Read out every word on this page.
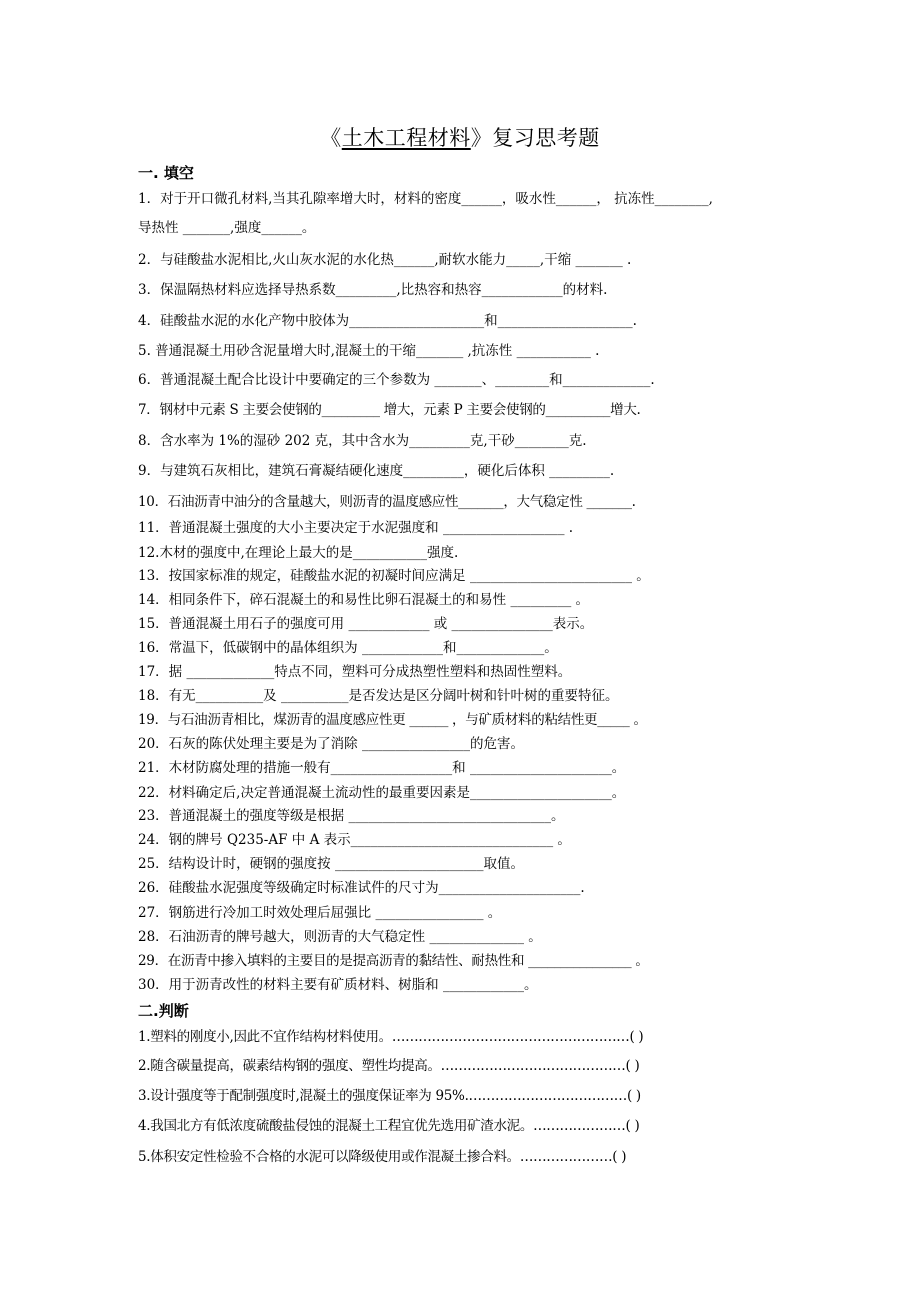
《土木工程材料》复习思考题
一. 填空
1．对于开口微孔材料,当其孔隙率增大时，材料的密度______，吸水性______， 抗冻性________,
导热性 _______,强度______。
2．与硅酸盐水泥相比,火山灰水泥的水化热______,耐软水能力_____,干缩 _______ .
3．保温隔热材料应选择导热系数_________,比热容和热容____________的材料.
4．硅酸盐水泥的水化产物中胶体为____________________和____________________.
5. 普通混凝土用砂含泥量增大时,混凝土的干缩_______ ,抗冻性 ___________ .
6．普通混凝土配合比设计中要确定的三个参数为 _______、________和_____________.
7．钢材中元素 S 主要会使钢的_________ 增大，元素 P 主要会使钢的__________增大.
8．含水率为 1%的湿砂 202 克，其中含水为_________克,干砂________克.
9．与建筑石灰相比，建筑石膏凝结硬化速度_________，硬化后体积 _________.
10．石油沥青中油分的含量越大，则沥青的温度感应性_______，大气稳定性 _______.
11．普通混凝土强度的大小主要决定于水泥强度和 __________________ .
12.木材的强度中,在理论上最大的是___________强度.
13．按国家标准的规定，硅酸盐水泥的初凝时间应满足 ________________________ 。
14．相同条件下，碎石混凝土的和易性比卵石混凝土的和易性 _________ 。
15．普通混凝土用石子的强度可用 ____________ 或 _______________表示。
16．常温下，低碳钢中的晶体组织为 ____________和_____________。
17．据 _____________特点不同，塑料可分成热塑性塑料和热固性塑料。
18．有无__________及 __________是否发达是区分阔叶树和针叶树的重要特征。
19．与石油沥青相比，煤沥青的温度感应性更 ______ ，与矿质材料的粘结性更_____ 。
20．石灰的陈伏处理主要是为了消除 ________________的危害。
21．木材防腐处理的措施一般有__________________和 _____________________。
22．材料确定后,决定普通混凝土流动性的最重要因素是_____________________。
23．普通混凝土的强度等级是根据 ______________________________。
24．钢的牌号 Q235-AF 中 A 表示______________________________ 。
25．结构设计时，硬钢的强度按 ______________________取值。
26．硅酸盐水泥强度等级确定时标准试件的尺寸为_____________________.
27．钢筋进行冷加工时效处理后屈强比 ________________ 。
28．石油沥青的牌号越大，则沥青的大气稳定性 ______________ 。
29．在沥青中掺入填料的主要目的是提高沥青的黏结性、耐热性和 ________________ 。
30．用于沥青改性的材料主要有矿质材料、树脂和 ____________。
二.判断
1.塑料的刚度小,因此不宜作结构材料使用。………………………………………………( )
2.随含碳量提高，碳素结构钢的强度、塑性均提高。……………………………………( )
3.设计强度等于配制强度时,混凝土的强度保证率为 95%.………………………………( )
4.我国北方有低浓度硫酸盐侵蚀的混凝土工程宜优先选用矿渣水泥。…………………( )
5.体积安定性检验不合格的水泥可以降级使用或作混凝土掺合料。…………………( )
